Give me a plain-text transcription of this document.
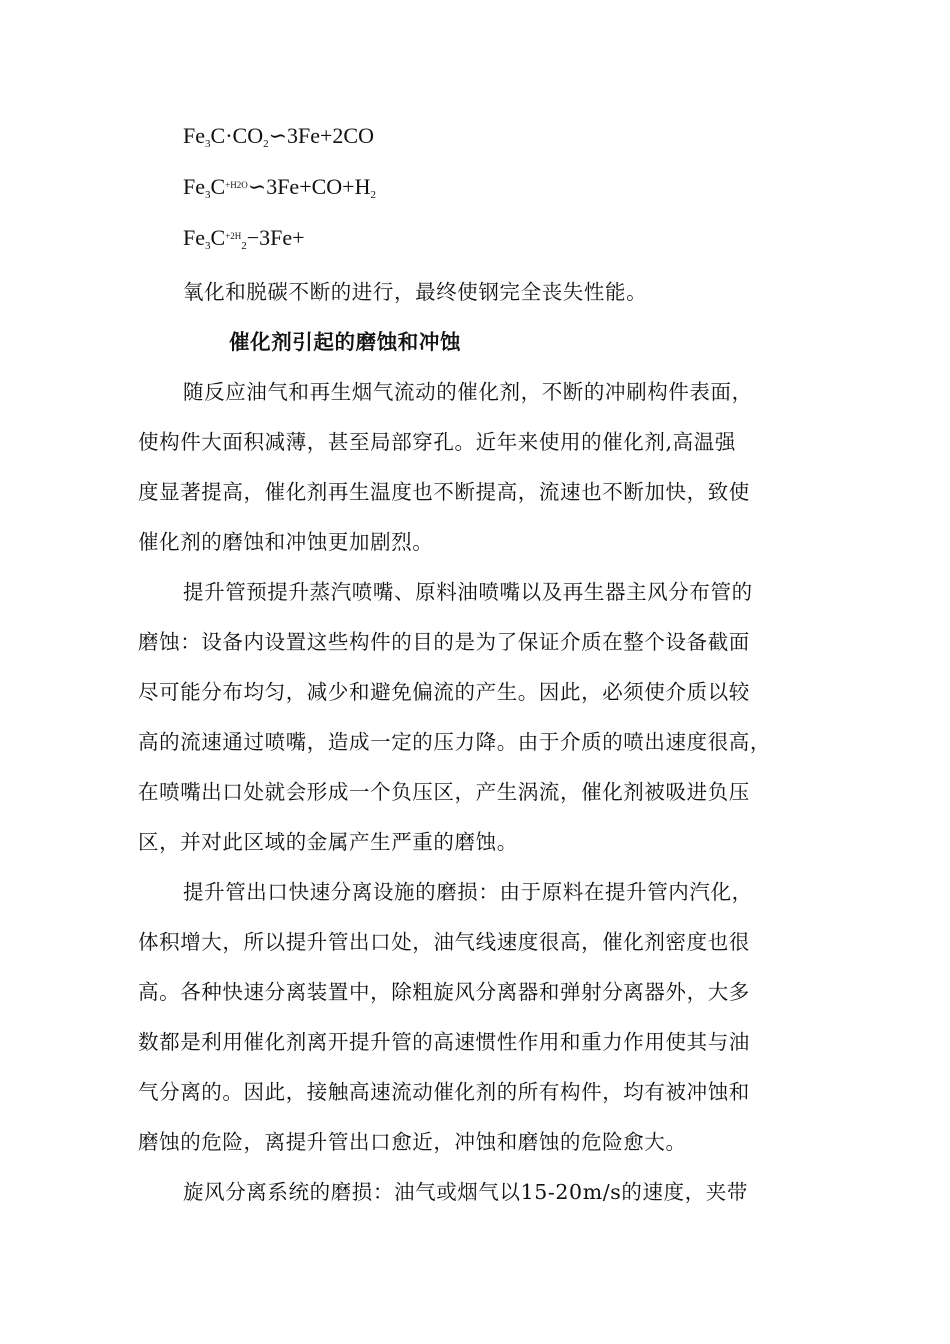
Fe3C·CO2∽3Fe+2CO
$Fe3C^{+H2O}∽3Fe+CO+H2$
$Fe3C^{+2H}2-3Fe+$
氧化和脱碳不断的进行，最终使钢完全丧失性能。
催化剂引起的磨蚀和冲蚀
随反应油气和再生烟气流动的催化剂，不断的冲刷构件表面，
使构件大面积减薄，甚至局部穿孔。近年来使用的催化剂,高温强
度显著提高，催化剂再生温度也不断提高，流速也不断加快，致使
催化剂的磨蚀和冲蚀更加剧烈。
提升管预提升蒸汽喷嘴、原料油喷嘴以及再生器主风分布管的
磨蚀：设备内设置这些构件的目的是为了保证介质在整个设备截面
尽可能分布均匀，减少和避免偏流的产生。因此，必须使介质以较
高的流速通过喷嘴，造成一定的压力降。由于介质的喷出速度很高，
在喷嘴出口处就会形成一个负压区，产生涡流，催化剂被吸进负压
区，并对此区域的金属产生严重的磨蚀。
提升管出口快速分离设施的磨损：由于原料在提升管内汽化，
体积增大，所以提升管出口处，油气线速度很高，催化剂密度也很
高。各种快速分离装置中，除粗旋风分离器和弹射分离器外，大多
数都是利用催化剂离开提升管的高速惯性作用和重力作用使其与油
气分离的。因此，接触高速流动催化剂的所有构件，均有被冲蚀和
磨蚀的危险，离提升管出口愈近，冲蚀和磨蚀的危险愈大。
旋风分离系统的磨损：油气或烟气以15-20m/s的速度，夹带
